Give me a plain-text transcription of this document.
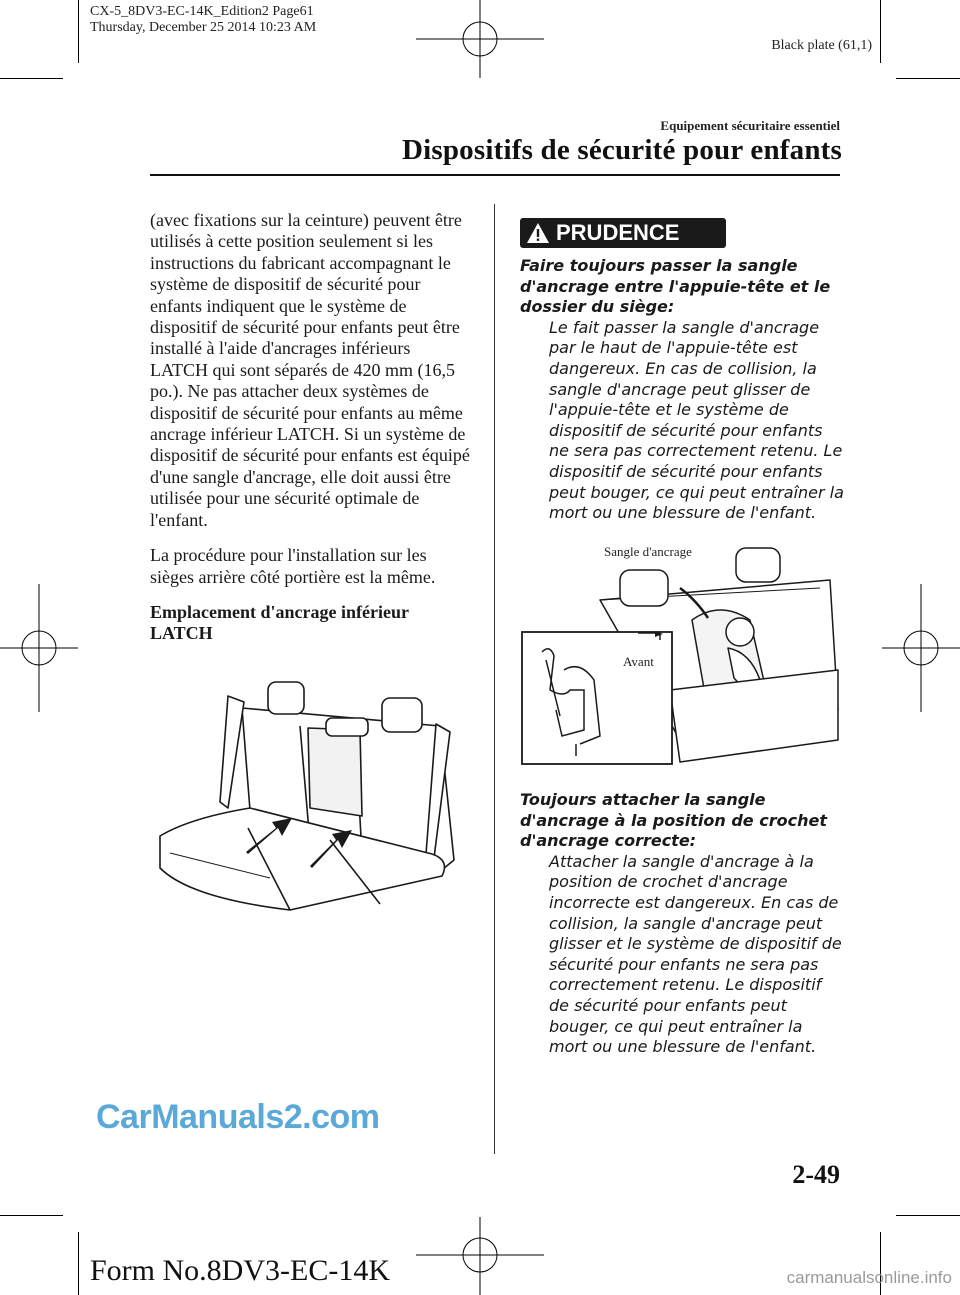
CX-5_8DV3-EC-14K_Edition2 Page61
Thursday, December 25 2014 10:23 AM
Black plate (61,1)
Equipement sécuritaire essentiel
Dispositifs de sécurité pour enfants

(avec fixations sur la ceinture) peuvent être utilisés à cette position seulement si les instructions du fabricant accompagnant le système de dispositif de sécurité pour enfants indiquent que le système de dispositif de sécurité pour enfants peut être installé à l'aide d'ancrages inférieurs LATCH qui sont séparés de 420 mm (16,5 po.). Ne pas attacher deux systèmes de dispositif de sécurité pour enfants au même ancrage inférieur LATCH. Si un système de dispositif de sécurité pour enfants est équipé d'une sangle d'ancrage, elle doit aussi être utilisée pour une sécurité optimale de l'enfant.

La procédure pour l'installation sur les sièges arrière côté portière est la même.

Emplacement d'ancrage inférieur LATCH

PRUDENCE
Faire toujours passer la sangle d'ancrage entre l'appuie-tête et le dossier du siège:
Le fait passer la sangle d'ancrage par le haut de l'appuie-tête est dangereux. En cas de collision, la sangle d'ancrage peut glisser de l'appuie-tête et le système de dispositif de sécurité pour enfants ne sera pas correctement retenu. Le dispositif de sécurité pour enfants peut bouger, ce qui peut entraîner la mort ou une blessure de l'enfant.
Sangle d'ancrage
Avant
Toujours attacher la sangle d'ancrage à la position de crochet d'ancrage correcte:
Attacher la sangle d'ancrage à la position de crochet d'ancrage incorrecte est dangereux. En cas de collision, la sangle d'ancrage peut glisser et le système de dispositif de sécurité pour enfants ne sera pas correctement retenu. Le dispositif de sécurité pour enfants peut bouger, ce qui peut entraîner la mort ou une blessure de l'enfant.
CarManuals2.com
2-49
Form No.8DV3-EC-14K	carmanualsonline.info
